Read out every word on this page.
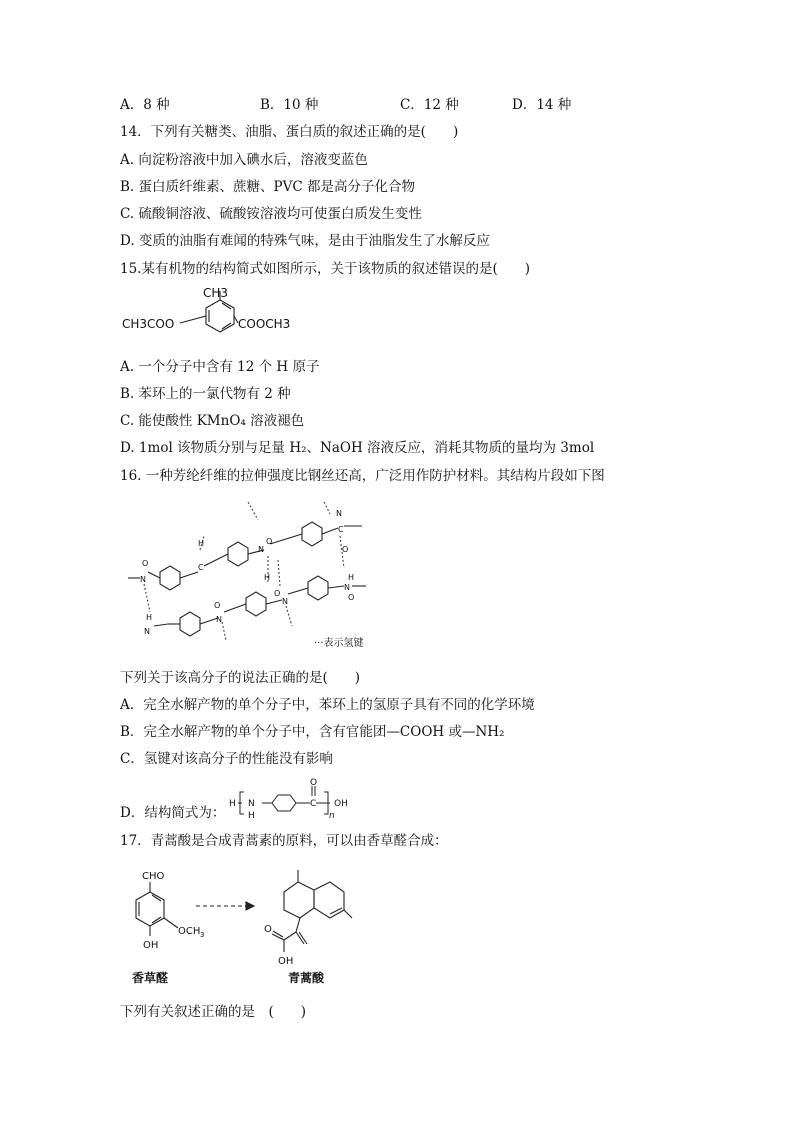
A．8 种	B．10 种	C．12 种	D．14 种
14．下列有关糖类、油脂、蛋白质的叙述正确的是(　　)
A. 向淀粉溶液中加入碘水后，溶液变蓝色
B. 蛋白质纤维素、蔗糖、PVC 都是高分子化合物
C. 硫酸铜溶液、硫酸铵溶液均可使蛋白质发生变性
D. 变质的油脂有难闻的特殊气味，是由于油脂发生了水解反应
15.某有机物的结构简式如图所示，关于该物质的叙述错误的是(　　)
CH3
CH3COO	COOCH3
A. 一个分子中含有 12 个 H 原子
B. 苯环上的一氯代物有 2 种
C. 能使酸性 KMnO₄ 溶液褪色
D. 1mol 该物质分别与足量 H₂、NaOH 溶液反应，消耗其物质的量均为 3mol
16. 一种芳纶纤维的拉伸强度比钢丝还高，广泛用作防护材料。其结构片段如下图
N
O	C
H
N
O
H
C
N
O
H
H
N
N
O
O
N
N
O
···表示氢键
下列关于该高分子的说法正确的是(　　)
A．完全水解产物的单个分子中，苯环上的氢原子具有不同的化学环境
B．完全水解产物的单个分子中，含有官能团—COOH 或—NH₂
C．氢键对该高分子的性能没有影响
D．结构简式为：
H N
H
C
O
n
OH
17．青蒿酸是合成青蒿素的原料，可以由香草醛合成：
CHO
OCH 3
OH
O
OH
香草醛	青蒿酸
下列有关叙述正确的是　(　　)
